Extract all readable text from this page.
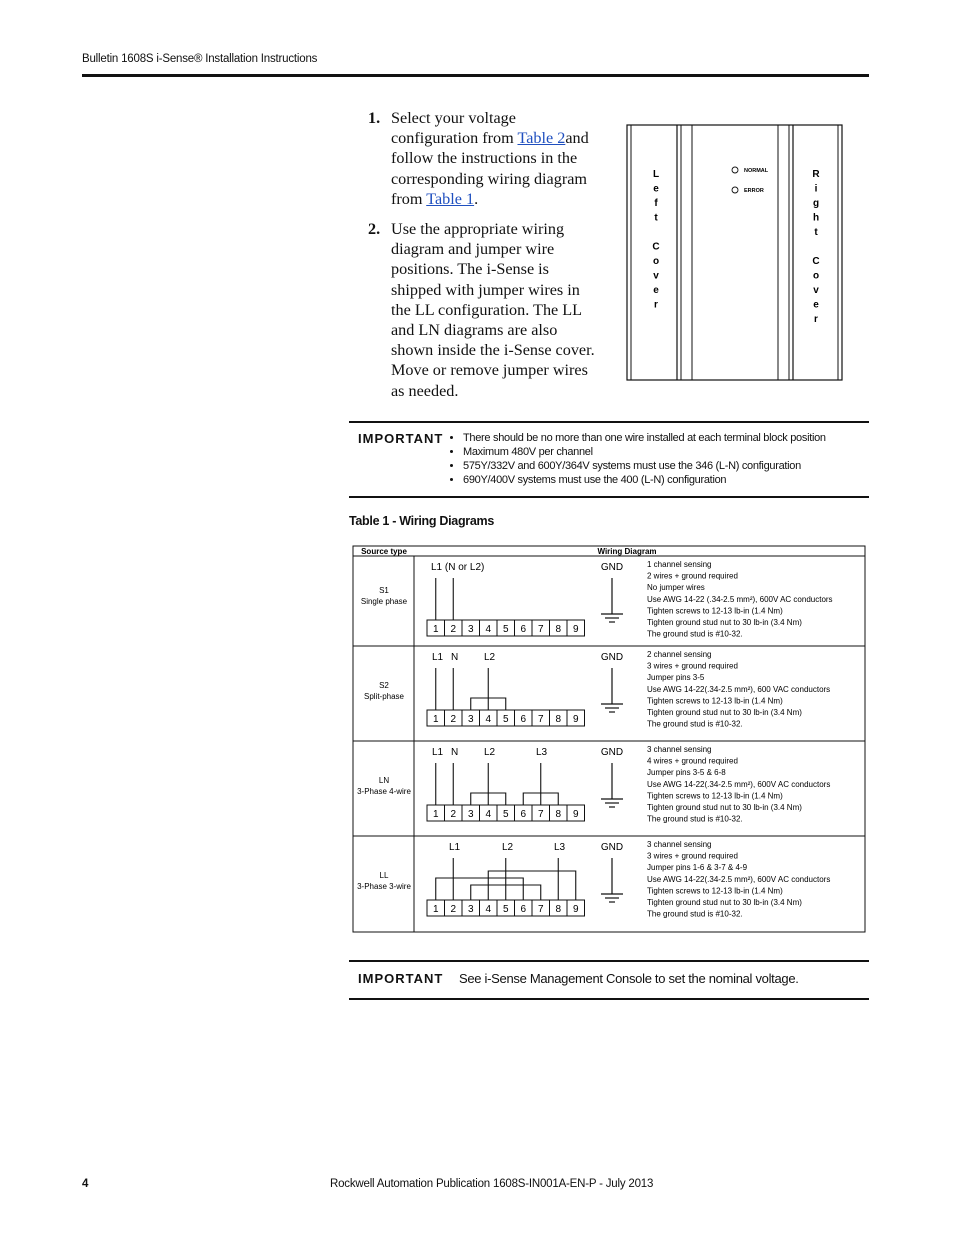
Bulletin 1608S i-Sense® Installation Instructions
1. Select your voltage configuration from Table 2and follow the instructions in the corresponding wiring diagram from Table 1.
2. Use the appropriate wiring diagram and jumper wire positions. The i-Sense is shipped with jumper wires in the LL configuration. The LL and LN diagrams are also shown inside the i-Sense cover. Move or remove jumper wires as needed.
L e f t C o v e r
R i g h t C o v e r
NORMAL
ERROR
IMPORTANT
• There should be no more than one wire installed at each terminal block position
• Maximum 480V per channel
• 575Y/332V and 600Y/364V systems must use the 346 (L-N) configuration
• 690Y/400V systems must use the 400 (L-N) configuration
Table 1 - Wiring Diagrams
Source type	Wiring Diagram
S1
Single phase
L1 (N or L2)	GND
1 2 3 4 5 6 7 8 9
1 channel sensing 2 wires + ground required No jumper wires Use AWG 14-22 (.34-2.5 mm²), 600V AC conductors Tighten screws to 12-13 lb-in (1.4 Nm) Tighten ground stud nut to 30 lb-in (3.4 Nm) The ground stud is #10-32.
S2
Split-phase
L1 N	L2	GND
1 2 3 4 5 6 7 8 9
2 channel sensing 3 wires + ground required Jumper pins 3-5 Use AWG 14-22(.34-2.5 mm²), 600 VAC conductors Tighten screws to 12-13 lb-in (1.4 Nm) Tighten ground stud nut to 30 lb-in (3.4 Nm) The ground stud is #10-32.
LN
3-Phase 4-wire
L1 N	L2	L3	GND
1 2 3 4 5 6 7 8 9
3 channel sensing 4 wires + ground required Jumper pins 3-5 & 6-8 Use AWG 14-22(.34-2.5 mm²), 600V AC conductors Tighten screws to 12-13 lb-in (1.4 Nm) Tighten ground stud nut to 30 lb-in (3.4 Nm) The ground stud is #10-32.
LL
3-Phase 3-wire
L1	L2	L3	GND
1 2 3 4 5 6 7 8 9
3 channel sensing 3 wires + ground required Jumper pins 1-6 & 3-7 & 4-9 Use AWG 14-22(.34-2.5 mm²), 600V AC conductors Tighten screws to 12-13 lb-in (1.4 Nm) Tighten ground stud nut to 30 lb-in (3.4 Nm) The ground stud is #10-32.
IMPORTANT See i-Sense Management Console to set the nominal voltage.
4	Rockwell Automation Publication 1608S-IN001A-EN-P - July 2013
